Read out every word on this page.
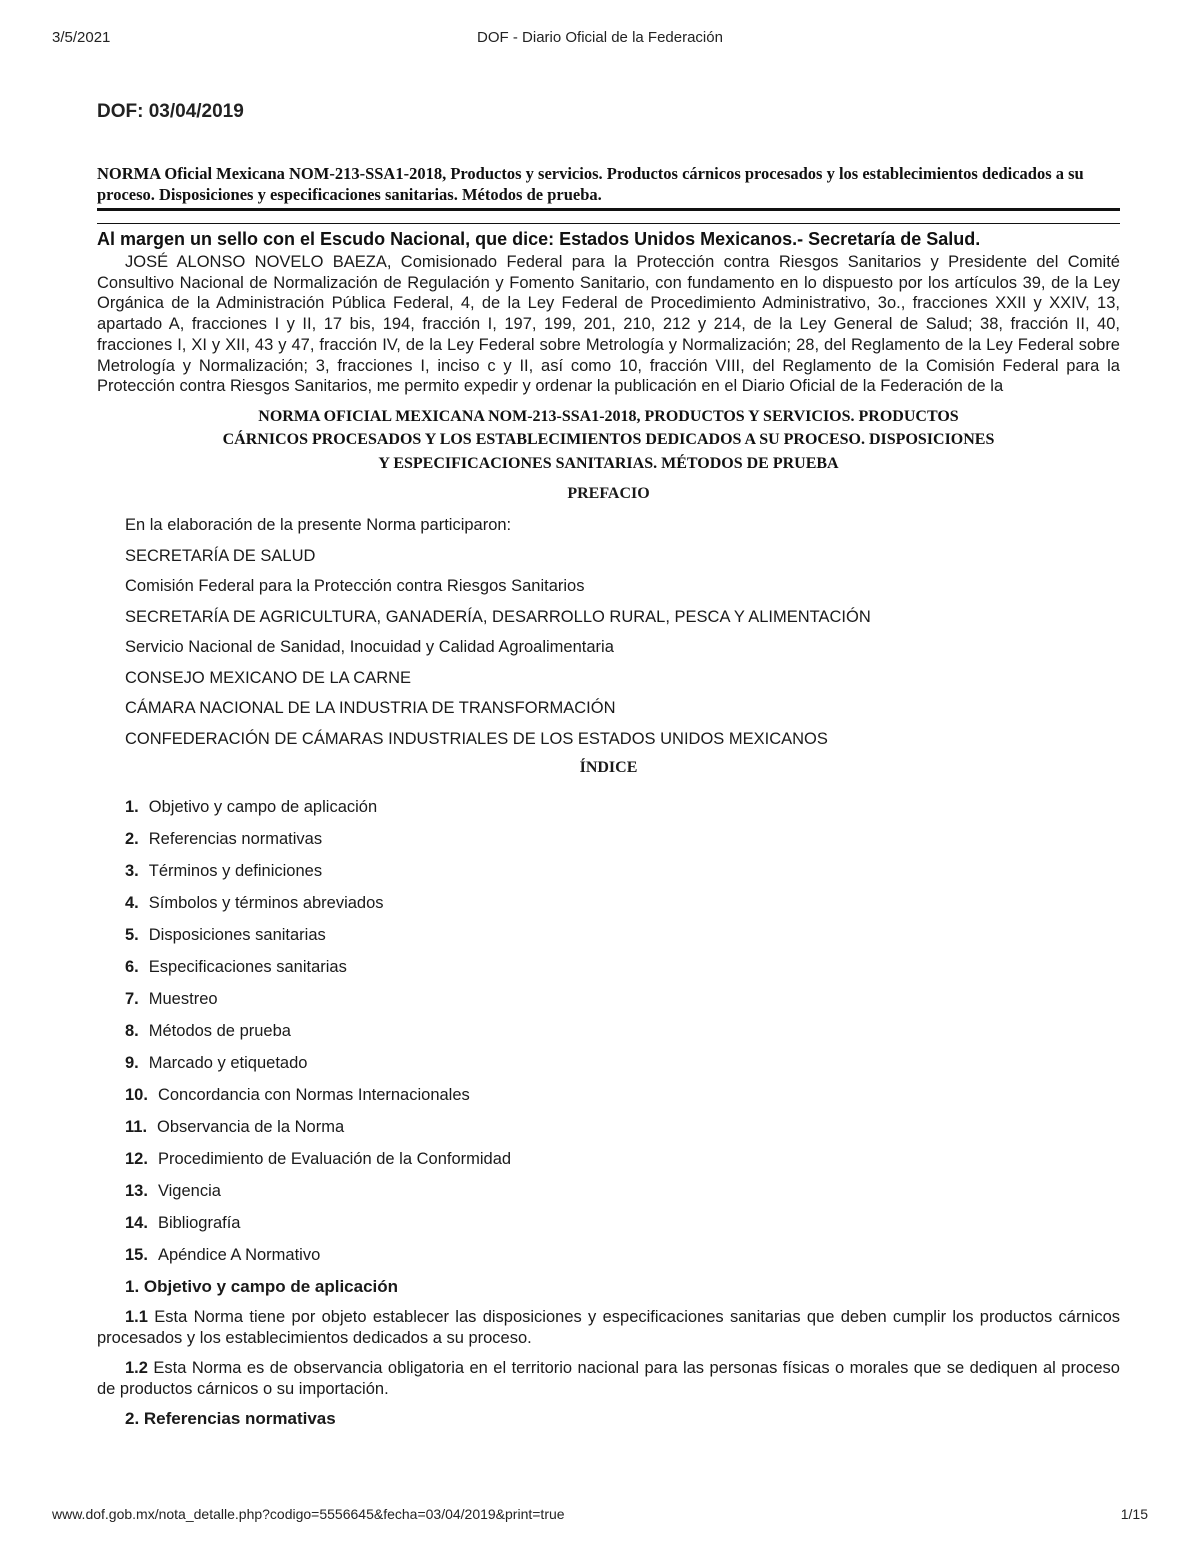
3/5/2021	DOF - Diario Oficial de la Federación
DOF: 03/04/2019
NORMA Oficial Mexicana NOM-213-SSA1-2018, Productos y servicios. Productos cárnicos procesados y los establecimientos dedicados a su proceso. Disposiciones y especificaciones sanitarias. Métodos de prueba.
Al margen un sello con el Escudo Nacional, que dice: Estados Unidos Mexicanos.- Secretaría de Salud.

JOSÉ ALONSO NOVELO BAEZA, Comisionado Federal para la Protección contra Riesgos Sanitarios y Presidente del Comité Consultivo Nacional de Normalización de Regulación y Fomento Sanitario, con fundamento en lo dispuesto por los artículos 39, de la Ley Orgánica de la Administración Pública Federal, 4, de la Ley Federal de Procedimiento Administrativo, 3o., fracciones XXII y XXIV, 13, apartado A, fracciones I y II, 17 bis, 194, fracción I, 197, 199, 201, 210, 212 y 214, de la Ley General de Salud; 38, fracción II, 40, fracciones I, XI y XII, 43 y 47, fracción IV, de la Ley Federal sobre Metrología y Normalización; 28, del Reglamento de la Ley Federal sobre Metrología y Normalización; 3, fracciones I, inciso c y II, así como 10, fracción VIII, del Reglamento de la Comisión Federal para la Protección contra Riesgos Sanitarios, me permito expedir y ordenar la publicación en el Diario Oficial de la Federación de la

NORMA OFICIAL MEXICANA NOM-213-SSA1-2018, PRODUCTOS Y SERVICIOS. PRODUCTOS
CÁRNICOS PROCESADOS Y LOS ESTABLECIMIENTOS DEDICADOS A SU PROCESO. DISPOSICIONES
Y ESPECIFICACIONES SANITARIAS. MÉTODOS DE PRUEBA
PREFACIO
En la elaboración de la presente Norma participaron:
SECRETARÍA DE SALUD
Comisión Federal para la Protección contra Riesgos Sanitarios
SECRETARÍA DE AGRICULTURA, GANADERÍA, DESARROLLO RURAL, PESCA Y ALIMENTACIÓN
Servicio Nacional de Sanidad, Inocuidad y Calidad Agroalimentaria
CONSEJO MEXICANO DE LA CARNE
CÁMARA NACIONAL DE LA INDUSTRIA DE TRANSFORMACIÓN
CONFEDERACIÓN DE CÁMARAS INDUSTRIALES DE LOS ESTADOS UNIDOS MEXICANOS
ÍNDICE
1. Objetivo y campo de aplicación
2. Referencias normativas
3. Términos y definiciones
4. Símbolos y términos abreviados
5. Disposiciones sanitarias
6. Especificaciones sanitarias
7. Muestreo
8. Métodos de prueba
9. Marcado y etiquetado
10. Concordancia con Normas Internacionales
11. Observancia de la Norma
12. Procedimiento de Evaluación de la Conformidad
13. Vigencia
14. Bibliografía
15. Apéndice A Normativo
1. Objetivo y campo de aplicación

1.1 Esta Norma tiene por objeto establecer las disposiciones y especificaciones sanitarias que deben cumplir los productos cárnicos procesados y los establecimientos dedicados a su proceso.

1.2 Esta Norma es de observancia obligatoria en el territorio nacional para las personas físicas o morales que se dediquen al proceso de productos cárnicos o su importación.

2. Referencias normativas
www.dof.gob.mx/nota_detalle.php?codigo=5556645&fecha=03/04/2019&print=true	1/15
